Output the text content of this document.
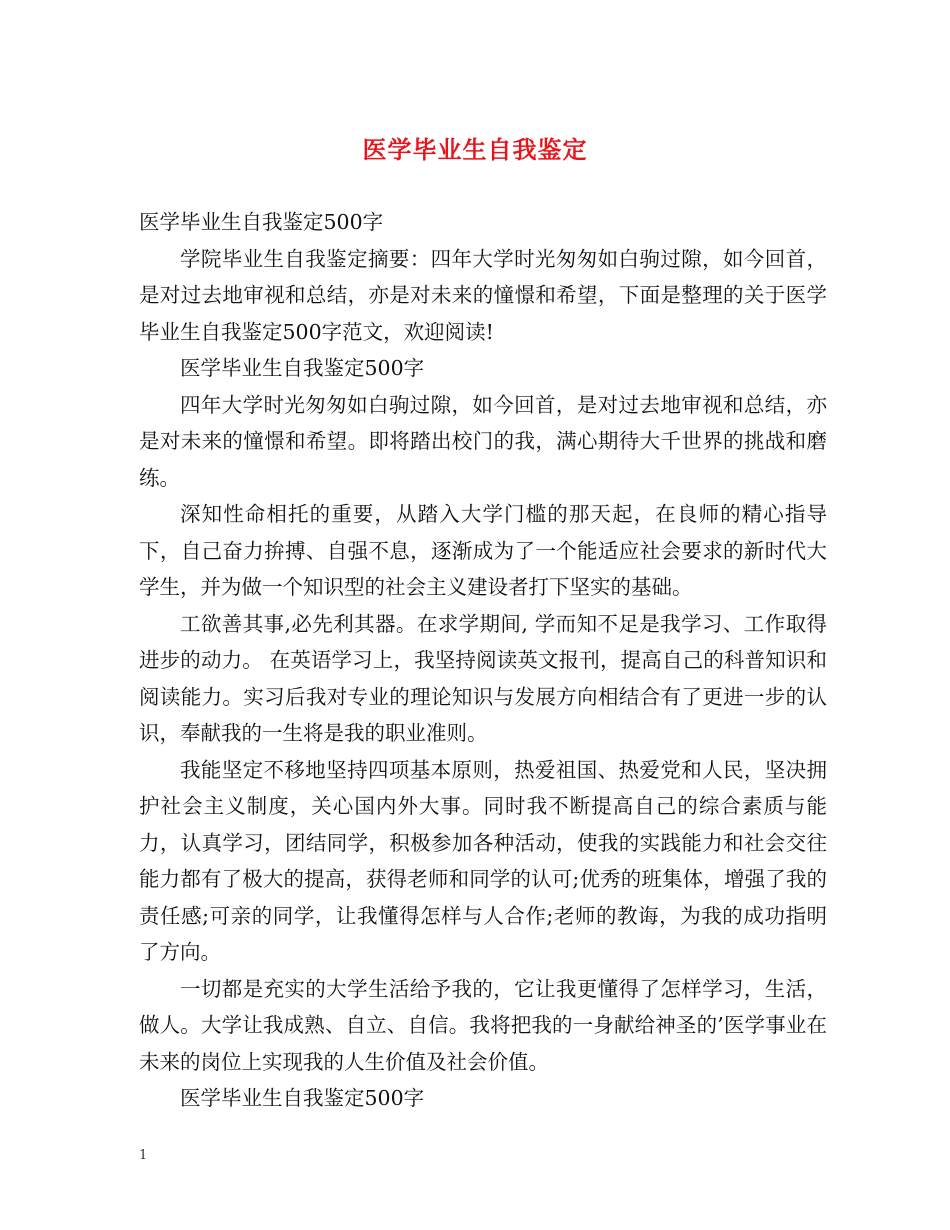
医学毕业生自我鉴定

医学毕业生自我鉴定500字

学院毕业生自我鉴定摘要：四年大学时光匆匆如白驹过隙，如今回首，是对过去地审视和总结，亦是对未来的憧憬和希望，下面是整理的关于医学毕业生自我鉴定500字范文，欢迎阅读!

医学毕业生自我鉴定500字

四年大学时光匆匆如白驹过隙，如今回首，是对过去地审视和总结，亦是对未来的憧憬和希望。即将踏出校门的我，满心期待大千世界的挑战和磨练。

深知性命相托的重要，从踏入大学门槛的那天起，在良师的精心指导下，自己奋力拚搏、自强不息，逐渐成为了一个能适应社会要求的新时代大学生，并为做一个知识型的社会主义建设者打下坚实的基础。

工欲善其事,必先利其器。在求学期间, 学而知不足是我学习、工作取得进步的动力。 在英语学习上，我坚持阅读英文报刊，提高自己的科普知识和阅读能力。实习后我对专业的理论知识与发展方向相结合有了更进一步的认识，奉献我的一生将是我的职业准则。

我能坚定不移地坚持四项基本原则，热爱祖国、热爱党和人民，坚决拥护社会主义制度，关心国内外大事。同时我不断提高自己的综合素质与能力，认真学习，团结同学，积极参加各种活动，使我的实践能力和社会交往能力都有了极大的提高，获得老师和同学的认可;优秀的班集体，增强了我的责任感;可亲的同学，让我懂得怎样与人合作;老师的教诲，为我的成功指明了方向。

一切都是充实的大学生活给予我的，它让我更懂得了怎样学习，生活，做人。大学让我成熟、自立、自信。我将把我的一身献给神圣的’医学事业在未来的岗位上实现我的人生价值及社会价值。

医学毕业生自我鉴定500字

1
